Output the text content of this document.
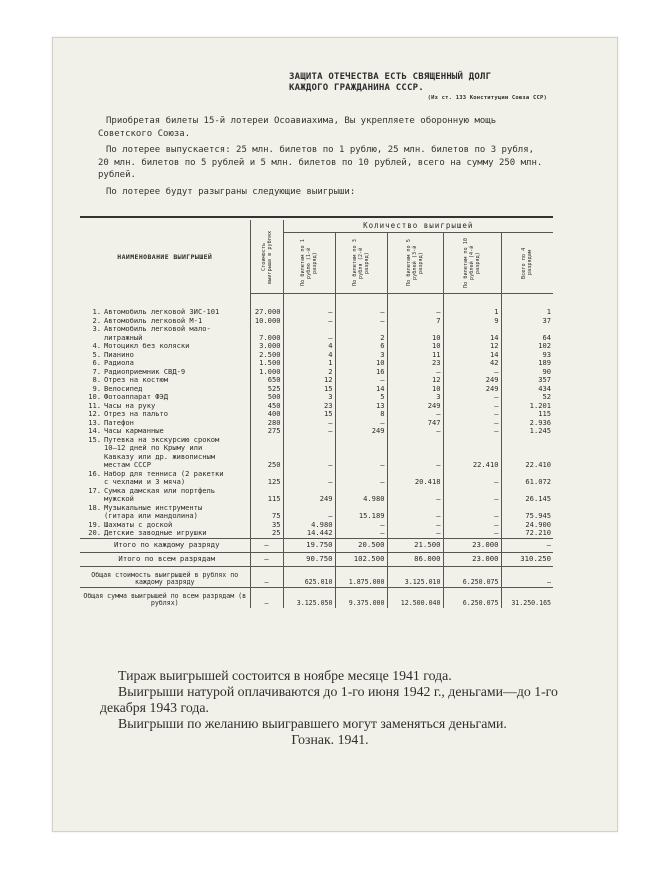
ЗАЩИТА ОТЕЧЕСТВА ЕСТЬ СВЯЩЕННЫЙ ДОЛГ
КАЖДОГО ГРАЖДАНИНА СССР.
(Из ст. 133 Конституции Союза ССР)

Приобретая билеты 15-й лотереи Осоавиахима, Вы укрепляете оборонную мощь Советского Союза.

По лотерее выпускается: 25 млн. билетов по 1 рублю, 25 млн. билетов по 3 рубля, 20 млн. билетов по 5 рублей и 5 млн. билетов по 10 рублей, всего на сумму 250 млн. рублей.

По лотерее будут разыграны следующие выигрыши:

НАИМЕНОВАНИЕ ВЫИГРЫШЕЙ	Стоимость выигрыша в рублях	Количество выигрышей				

		По билетам по 1 рублю (1-й разряд)	По билетам по 3 рубля (2-й разряд)	По билетам по 5 рублей (3-й разряд)	По билетам по 10 рублей (4-й разряд)	Всего по 4 разрядам

1. Автомобиль легковой ЗИС-101	27.000	—	—	—	1	1
2. Автомобиль легковой М-1	10.000	—	—	7	9	37
3. Автомобиль легковой мало-						
литражный	7.000	—	2	10	14	64
4. Мотоцикл без коляски	3.000	4	6	10	12	102
5. Пианино	2.500	4	3	11	14	93
6. Радиола	1.500	1	10	23	42	189
7. Радиоприемник СВД-9	1.000	2	16	—	—	90
8. Отрез на костюм	650	12	—	12	249	357
9. Велосипед	525	15	14	10	249	434
10. Фотоаппарат ФЭД	500	3	5	3	—	52
11. Часы на руку	450	23	13	249	—	1.201
12. Отрез на пальто	400	15	8	—	—	115
13. Патефон	280	—	—	747	—	2.936
14. Часы карманные	275	—	249	—	—	1.245
15. Путевка на экскурсию сроком						
10—12 дней по Крыму или						
Кавказу или др. живописным						
местам СССР	250	—	—	—	22.410	22.410
16. Набор для тенниса (2 ракетки						
с чехлами и 3 мяча)	125	—	—	20.418	—	61.072
17. Сумка дамская или портфель						
мужской	115	249	4.980	—	—	26.145
18. Музыкальные инструменты						
(гитара или мандолина)	75	—	15.189	—	—	75.945
19. Шахматы с доской	35	4.980	—	—	—	24.900
20. Детские заводные игрушки	25	14.442	—	—	—	72.210
Итого по каждому разряду	—	19.750	20.500	21.500	23.000	—
Итого по всем разрядам	—	90.750	102.500	86.000	23.000	310.250
Общая стоимость выигрышей в рублях по каждому разряду	—	625.010	1.875.000	3.125.010	6.250.075	—
Общая сумма выигрышей по всем разрядам (в рублях)	—	3.125.050	9.375.000	12.500.040	6.250.075	31.250.165

Тираж выигрышей состоится в ноябре месяце 1941 года.

Выигрыши натурой оплачиваются до 1-го июня 1942 г., деньгами—до 1-го декабря 1943 года.

Выигрыши по желанию выигравшего могут заменяться деньгами.

Гознак. 1941.
